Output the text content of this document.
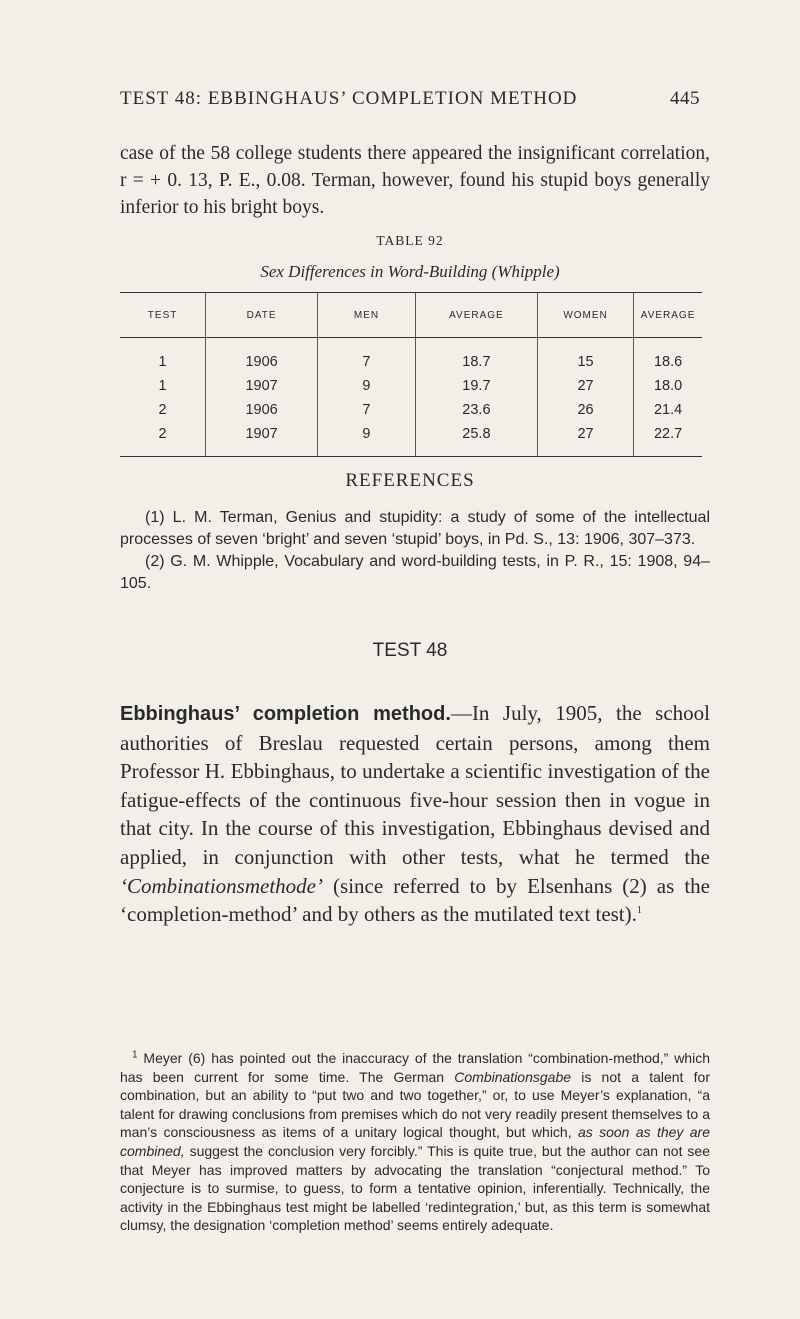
TEST 48: EBBINGHAUS’ COMPLETION METHOD	445

case of the 58 college students there appeared the insignificant correlation, r = + 0. 13, P. E., 0.08. Terman, however, found his stupid boys generally inferior to his bright boys.

TABLE 92
Sex Differences in Word-Building (Whipple)
TEST	DATE	MEN	AVERAGE	WOMEN	AVERAGE
1	1906	7	18.7	15	18.6
1	1907	9	19.7	27	18.0
2	1906	7	23.6	26	21.4
2	1907	9	25.8	27	22.7
REFERENCES

(1) L. M. Terman, Genius and stupidity: a study of some of the intellectual processes of seven ‘bright’ and seven ‘stupid’ boys, in Pd. S., 13: 1906, 307–373.

(2) G. M. Whipple, Vocabulary and word-building tests, in P. R., 15: 1908, 94–105.

TEST 48

Ebbinghaus’ completion method.—In July, 1905, the school authorities of Breslau requested certain persons, among them Professor H. Ebbinghaus, to undertake a scientific investigation of the fatigue-effects of the continuous five-hour session then in vogue in that city. In the course of this investigation, Ebbinghaus devised and applied, in conjunction with other tests, what he termed the ‘Combinationsmethode’ (since referred to by Elsenhans (2) as the ‘completion-method’ and by others as the mutilated text test).$^1$

$^1$ Meyer (6) has pointed out the inaccuracy of the translation “combination-method,” which has been current for some time. The German Combinationsgabe is not a talent for combination, but an ability to “put two and two together,” or, to use Meyer’s explanation, “a talent for drawing conclusions from premises which do not very readily present themselves to a man’s consciousness as items of a unitary logical thought, but which, as soon as they are combined, suggest the conclusion very forcibly.” This is quite true, but the author can not see that Meyer has improved matters by advocating the translation “conjectural method.” To conjecture is to surmise, to guess, to form a tentative opinion, inferentially. Technically, the activity in the Ebbinghaus test might be labelled ‘redintegration,’ but, as this term is somewhat clumsy, the designation ‘completion method’ seems entirely adequate.
